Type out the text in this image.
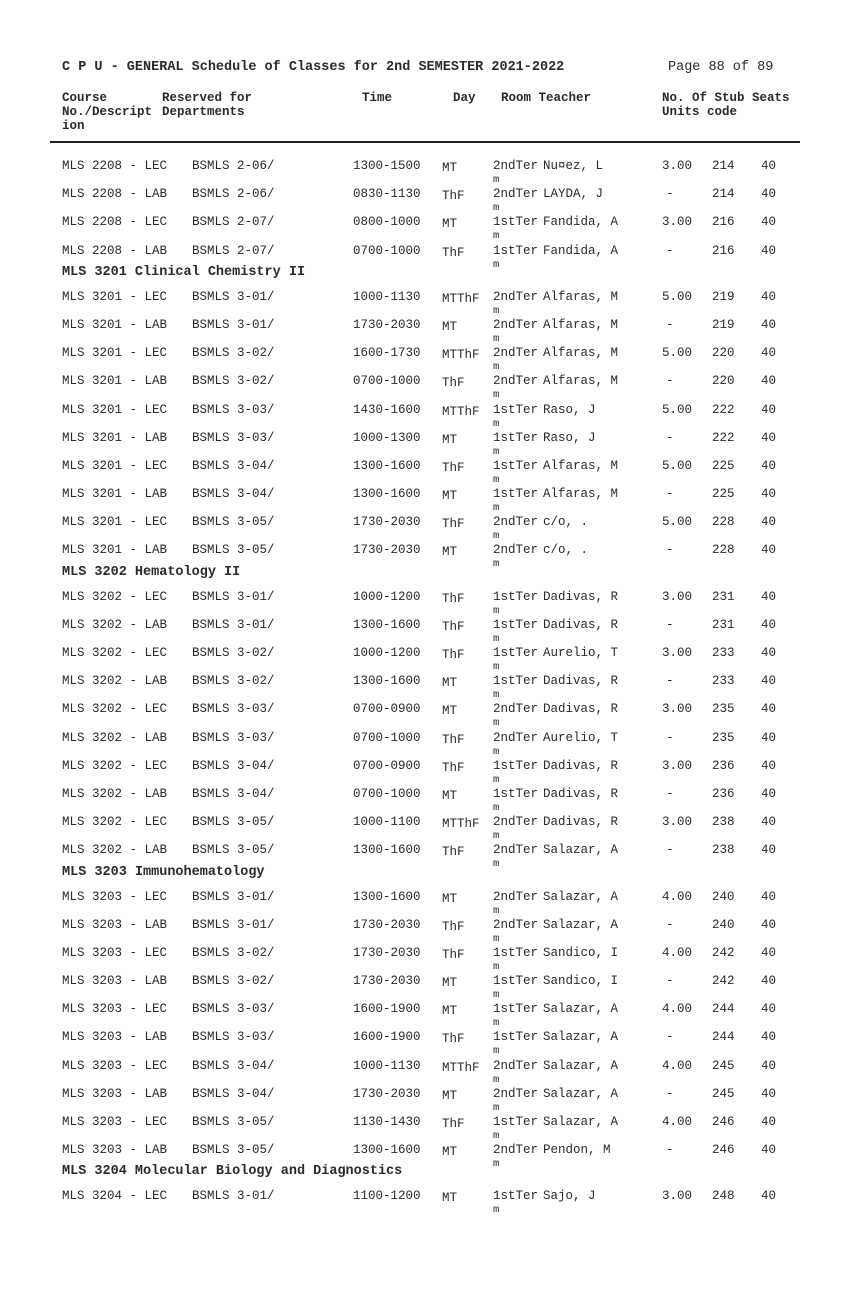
C P U - GENERAL Schedule of Classes for 2nd SEMESTER 2021-2022	Page 88 of 89
Course
No./Descript
ion
Reserved for
Departments
Time	Day Room Teacher	No. Of Stub Seats
Units code
MLS 2208 - LEC BSMLS 2-06/	1300-1500 MT	2ndTer Nu¤ez, L	3.00 214 40
m
MLS 2208 - LAB BSMLS 2-06/	0830-1130 ThF 2ndTer LAYDA, J	-	214 40
m
MLS 2208 - LEC BSMLS 2-07/	0800-1000 MT	1stTer Fandida, A	3.00 216 40
m
MLS 2208 - LAB BSMLS 2-07/	0700-1000 ThF 1stTer Fandida, A	-	216 40
m
MLS 3201 Clinical Chemistry II
MLS 3201 - LEC BSMLS 3-01/	1000-1130 MTThF 2ndTer Alfaras, M	5.00 219 40
m
MLS 3201 - LAB BSMLS 3-01/	1730-2030 MT	2ndTer Alfaras, M	-	219 40
m
MLS 3201 - LEC BSMLS 3-02/	1600-1730 MTThF 2ndTer Alfaras, M	5.00 220 40
m
MLS 3201 - LAB BSMLS 3-02/	0700-1000 ThF 2ndTer Alfaras, M	-	220 40
m
MLS 3201 - LEC BSMLS 3-03/	1430-1600 MTThF 1stTer Raso, J	5.00 222 40
m
MLS 3201 - LAB BSMLS 3-03/	1000-1300 MT	1stTer Raso, J	-	222 40
m
MLS 3201 - LEC BSMLS 3-04/	1300-1600 ThF 1stTer Alfaras, M	5.00 225 40
m
MLS 3201 - LAB BSMLS 3-04/	1300-1600 MT	1stTer Alfaras, M	-	225 40
m
MLS 3201 - LEC BSMLS 3-05/	1730-2030 ThF 2ndTer c/o, .	5.00 228 40
m
MLS 3201 - LAB BSMLS 3-05/	1730-2030 MT	2ndTer c/o, .	-	228 40
m
MLS 3202 Hematology II
MLS 3202 - LEC BSMLS 3-01/	1000-1200 ThF 1stTer Dadivas, R	3.00 231 40
m
MLS 3202 - LAB BSMLS 3-01/	1300-1600 ThF 1stTer Dadivas, R	-	231 40
m
MLS 3202 - LEC BSMLS 3-02/	1000-1200 ThF 1stTer Aurelio, T	3.00 233 40
m
MLS 3202 - LAB BSMLS 3-02/	1300-1600 MT	1stTer Dadivas, R	-	233 40
m
MLS 3202 - LEC BSMLS 3-03/	0700-0900 MT	2ndTer Dadivas, R	3.00 235 40
m
MLS 3202 - LAB BSMLS 3-03/	0700-1000 ThF 2ndTer Aurelio, T	-	235 40
m
MLS 3202 - LEC BSMLS 3-04/	0700-0900 ThF 1stTer Dadivas, R	3.00 236 40
m
MLS 3202 - LAB BSMLS 3-04/	0700-1000 MT	1stTer Dadivas, R	-	236 40
m
MLS 3202 - LEC BSMLS 3-05/	1000-1100 MTThF 2ndTer Dadivas, R	3.00 238 40
m
MLS 3202 - LAB BSMLS 3-05/	1300-1600 ThF 2ndTer Salazar, A	-	238 40
m
MLS 3203 Immunohematology
MLS 3203 - LEC BSMLS 3-01/	1300-1600 MT	2ndTer Salazar, A	4.00 240 40
m
MLS 3203 - LAB BSMLS 3-01/	1730-2030 ThF 2ndTer Salazar, A	-	240 40
m
MLS 3203 - LEC BSMLS 3-02/	1730-2030 ThF 1stTer Sandico, I	4.00 242 40
m
MLS 3203 - LAB BSMLS 3-02/	1730-2030 MT	1stTer Sandico, I	-	242 40
m
MLS 3203 - LEC BSMLS 3-03/	1600-1900 MT	1stTer Salazar, A	4.00 244 40
m
MLS 3203 - LAB BSMLS 3-03/	1600-1900 ThF 1stTer Salazar, A	-	244 40
m
MLS 3203 - LEC BSMLS 3-04/	1000-1130 MTThF 2ndTer Salazar, A	4.00 245 40
m
MLS 3203 - LAB BSMLS 3-04/	1730-2030 MT	2ndTer Salazar, A	-	245 40
m
MLS 3203 - LEC BSMLS 3-05/	1130-1430 ThF 1stTer Salazar, A	4.00 246 40
m
MLS 3203 - LAB BSMLS 3-05/	1300-1600 MT	2ndTer Pendon, M	-	246 40
m
MLS 3204 Molecular Biology and Diagnostics
MLS 3204 - LEC BSMLS 3-01/	1100-1200 MT	1stTer Sajo, J	3.00 248 40
m
